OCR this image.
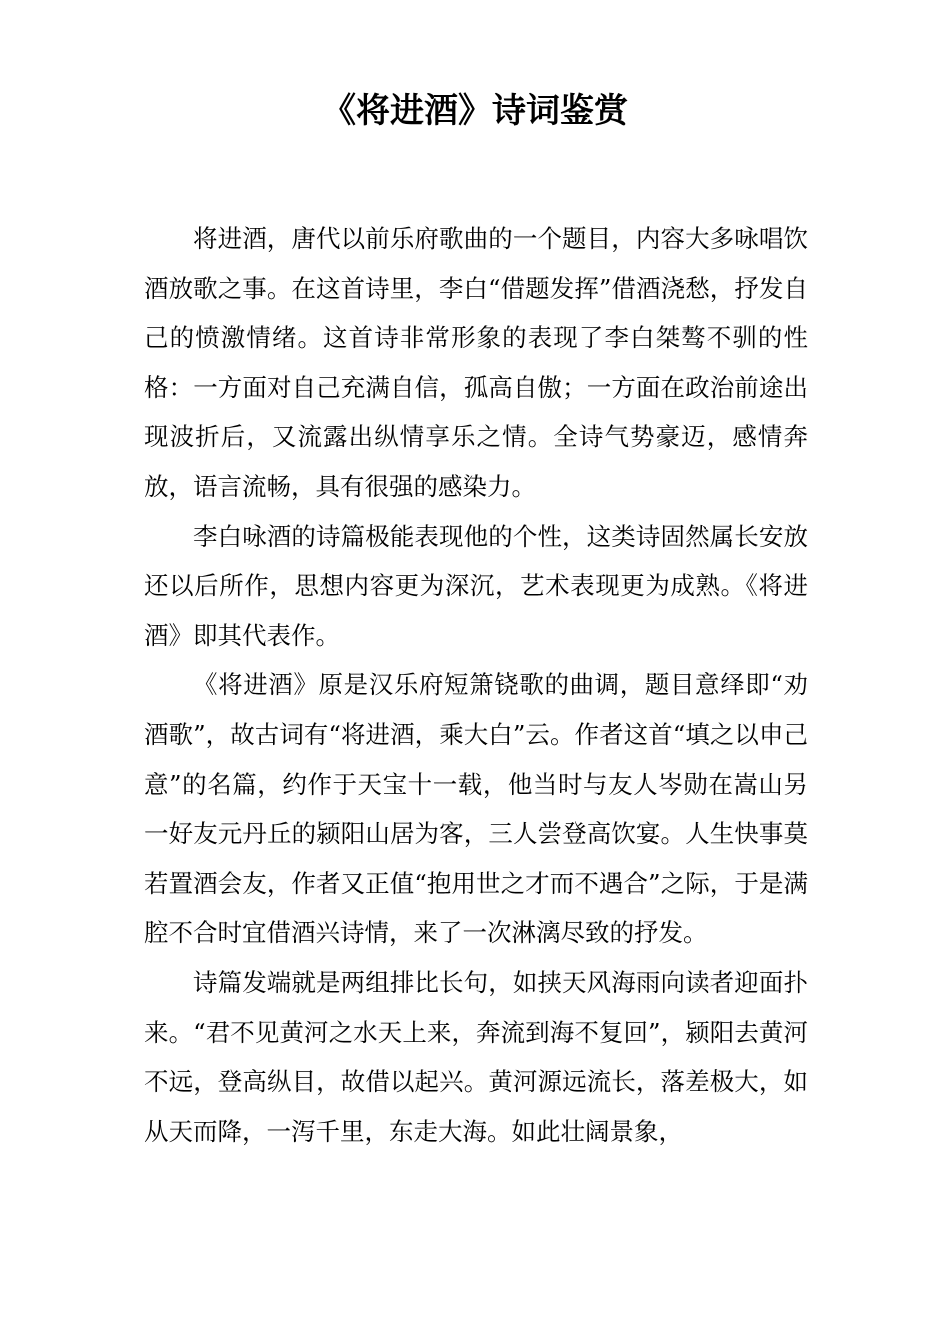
《将进酒》诗词鉴赏

将进酒，唐代以前乐府歌曲的一个题目，内容大多咏唱饮酒放歌之事。在这首诗里，李白“借题发挥”借酒浇愁，抒发自己的愤激情绪。这首诗非常形象的表现了李白桀骜不驯的性格：一方面对自己充满自信，孤高自傲；一方面在政治前途出现波折后，又流露出纵情享乐之情。全诗气势豪迈，感情奔放，语言流畅，具有很强的感染力。

李白咏酒的诗篇极能表现他的个性，这类诗固然属长安放还以后所作，思想内容更为深沉，艺术表现更为成熟。《将进酒》即其代表作。

《将进酒》原是汉乐府短箫铙歌的曲调，题目意绎即“劝酒歌”，故古词有“将进酒，乘大白”云。作者这首“填之以申己意”的名篇，约作于天宝十一载，他当时与友人岑勋在嵩山另一好友元丹丘的颍阳山居为客，三人尝登高饮宴。人生快事莫若置酒会友，作者又正值“抱用世之才而不遇合”之际，于是满腔不合时宜借酒兴诗情，来了一次淋漓尽致的抒发。

诗篇发端就是两组排比长句，如挟天风海雨向读者迎面扑来。“君不见黄河之水天上来，奔流到海不复回”，颍阳去黄河不远，登高纵目，故借以起兴。黄河源远流长，落差极大，如从天而降，一泻千里，东走大海。如此壮阔景象，
